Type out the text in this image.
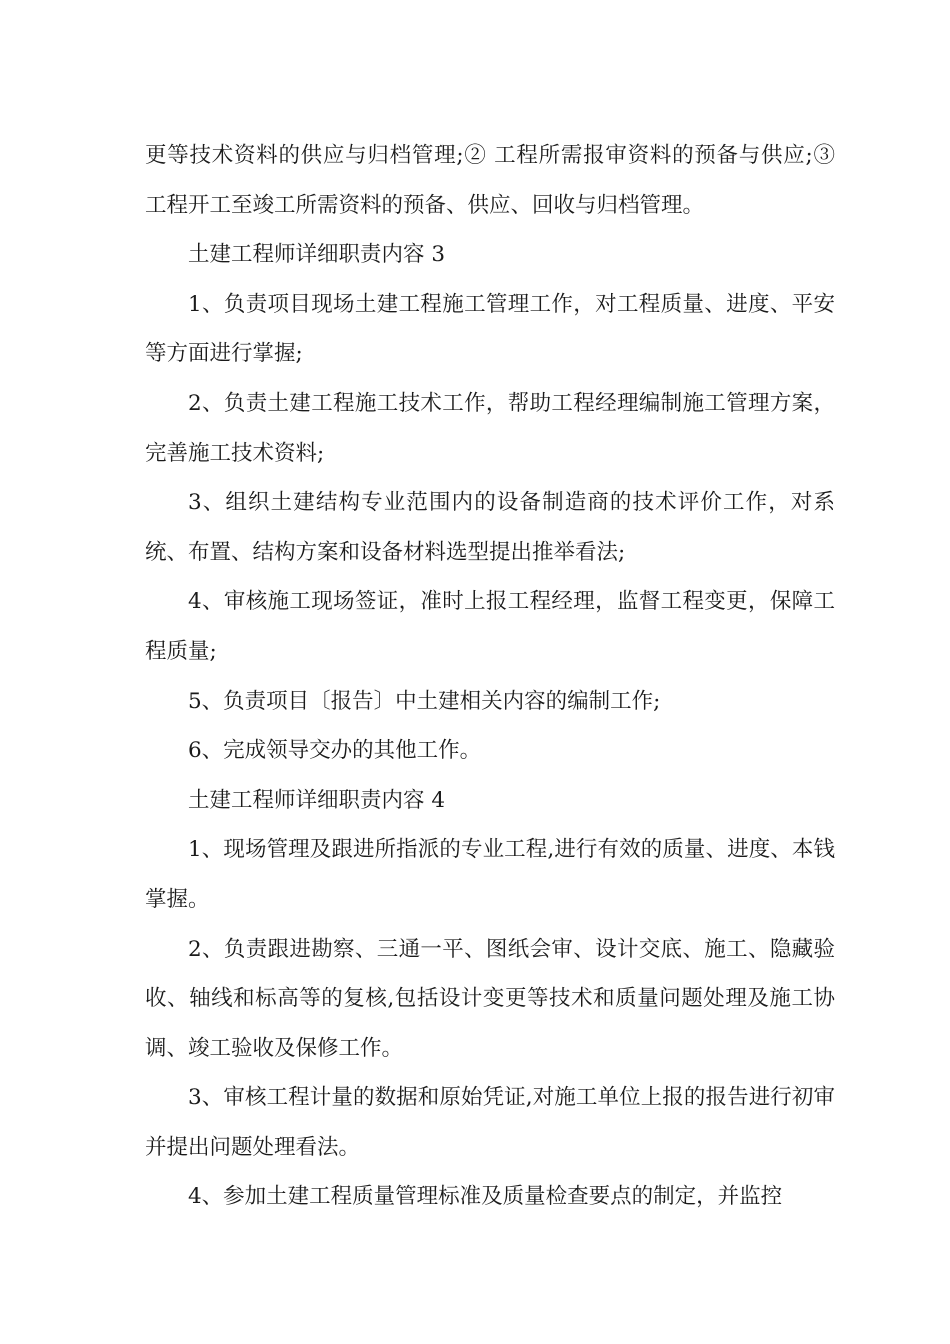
更等技术资料的供应与归档管理;② 工程所需报审资料的预备与供应;③ 工程开工至竣工所需资料的预备、供应、回收与归档管理。

土建工程师详细职责内容 3

1、负责项目现场土建工程施工管理工作，对工程质量、进度、平安等方面进行掌握;

2、负责土建工程施工技术工作，帮助工程经理编制施工管理方案，完善施工技术资料;

3、组织土建结构专业范围内的设备制造商的技术评价工作，对系统、布置、结构方案和设备材料选型提出推举看法;

4、审核施工现场签证，准时上报工程经理，监督工程变更，保障工程质量;

5、负责项目〔报告〕中土建相关内容的编制工作;

6、完成领导交办的其他工作。

土建工程师详细职责内容 4

1、现场管理及跟进所指派的专业工程,进行有效的质量、进度、本钱掌握。

2、负责跟进勘察、三通一平、图纸会审、设计交底、施工、隐藏验收、轴线和标高等的复核,包括设计变更等技术和质量问题处理及施工协调、竣工验收及保修工作。

3、审核工程计量的数据和原始凭证,对施工单位上报的报告进行初审并提出问题处理看法。

4、参加土建工程质量管理标准及质量检查要点的制定，并监控
